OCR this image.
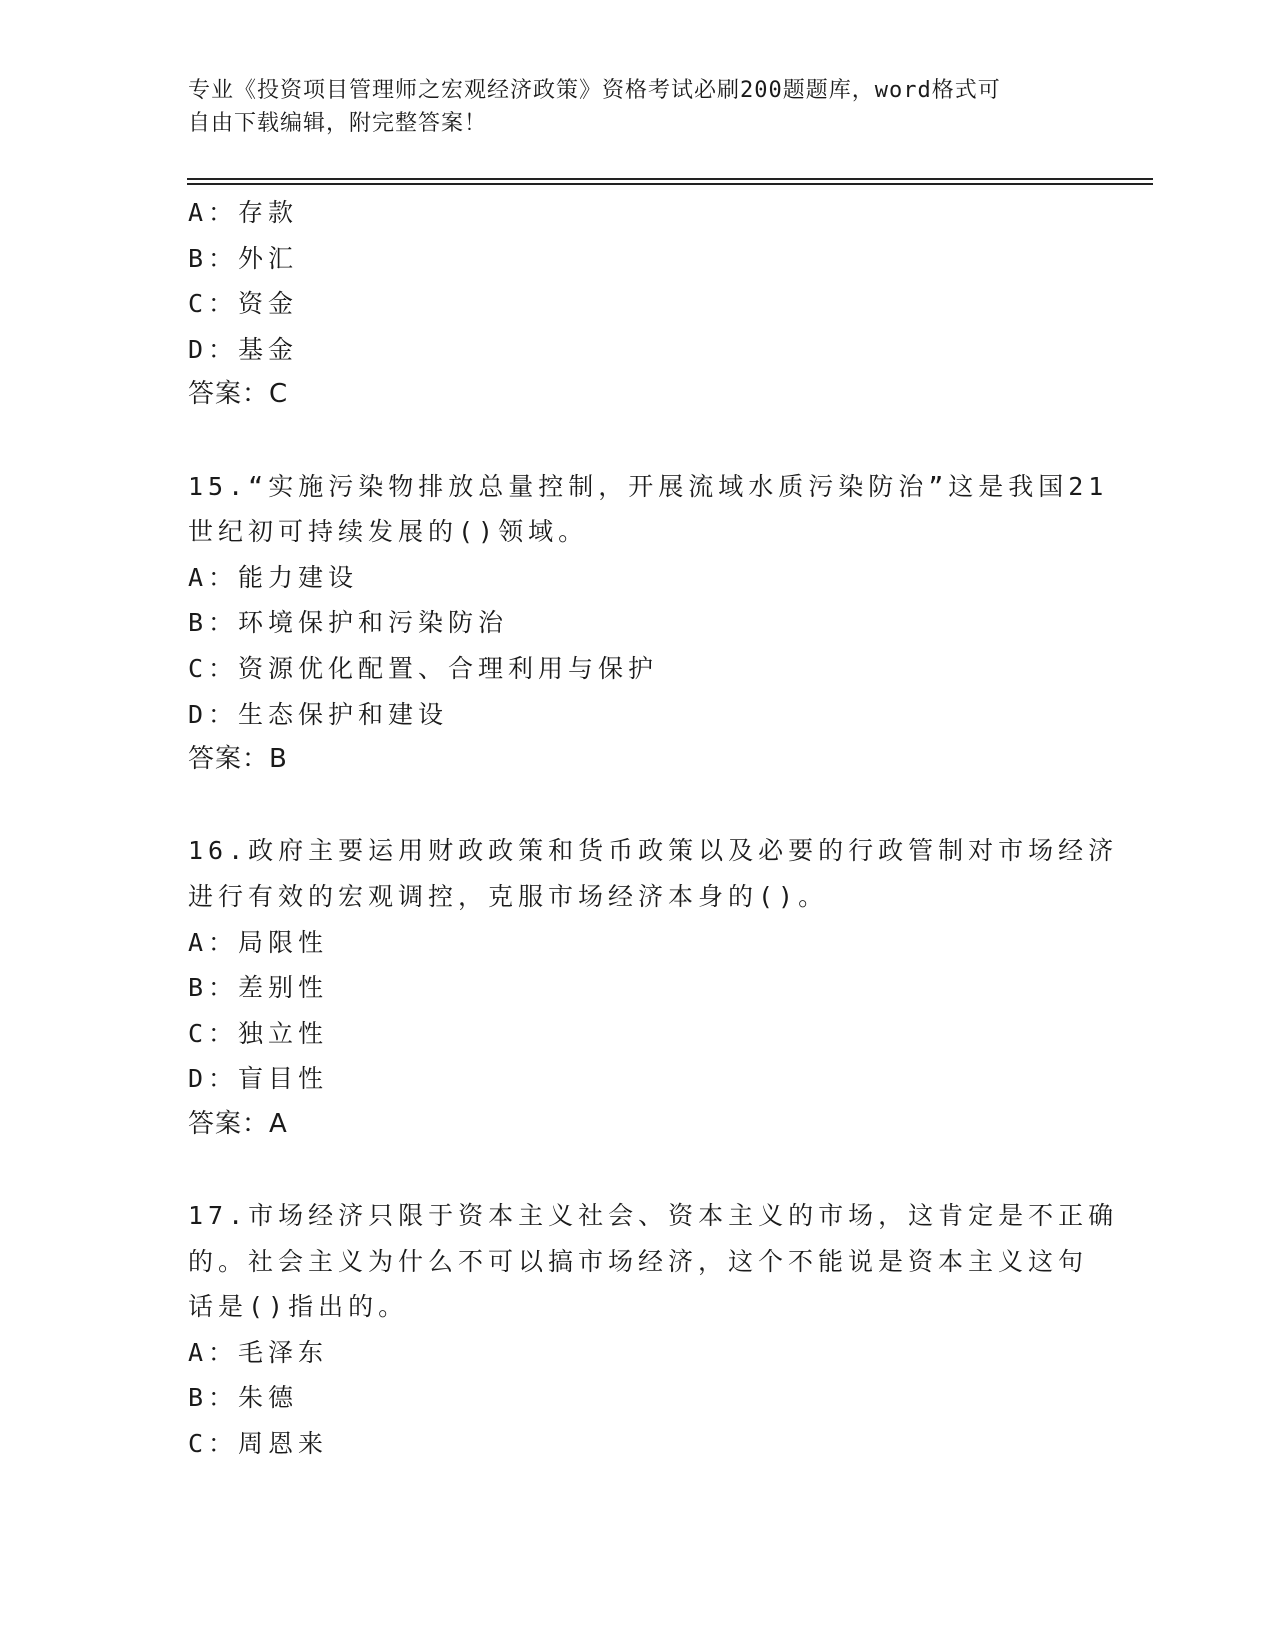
专业《投资项目管理师之宏观经济政策》资格考试必刷200题题库，word格式可
自由下载编辑，附完整答案！
A：存款
B：外汇
C：资金
D：基金
答案：C
15.“实施污染物排放总量控制，开展流域水质污染防治”这是我国21
世纪初可持续发展的()领域。
A：能力建设
B：环境保护和污染防治
C：资源优化配置、合理利用与保护
D：生态保护和建设
答案：B
16.政府主要运用财政政策和货币政策以及必要的行政管制对市场经济
进行有效的宏观调控，克服市场经济本身的()。
A：局限性
B：差别性
C：独立性
D：盲目性
答案：A
17.市场经济只限于资本主义社会、资本主义的市场，这肯定是不正确
的。社会主义为什么不可以搞市场经济，这个不能说是资本主义这句
话是()指出的。
A：毛泽东
B：朱德
C：周恩来
